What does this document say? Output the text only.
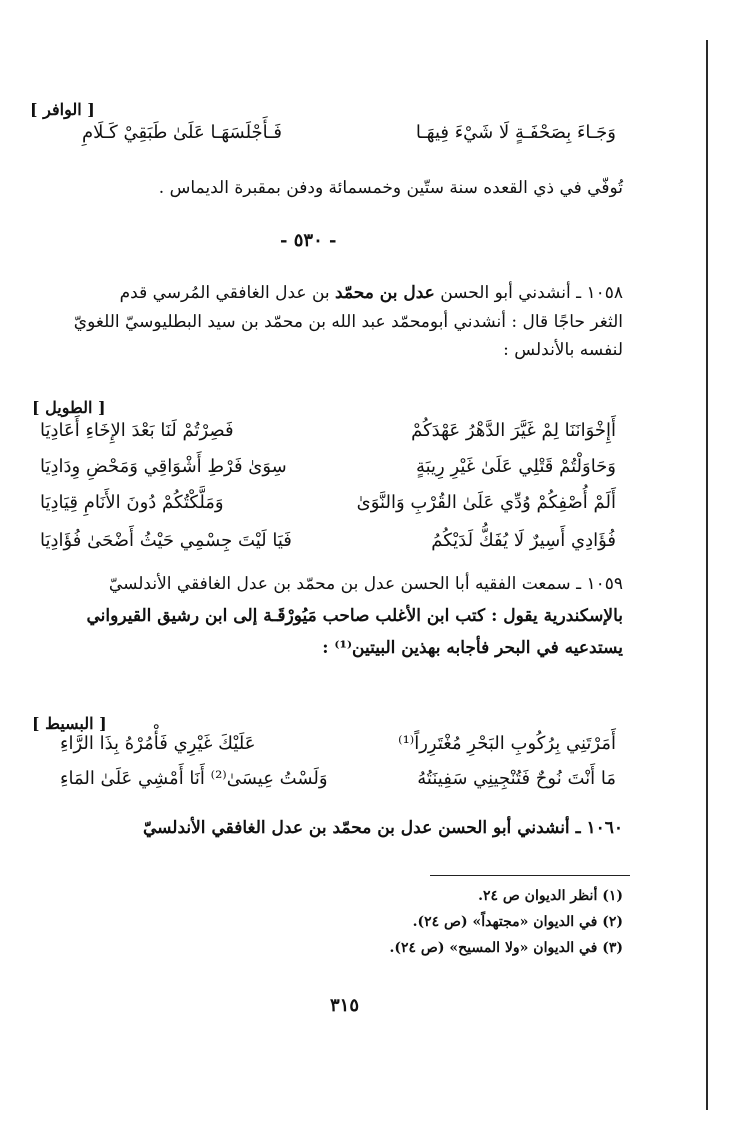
[ الوافر ]
وَجَـاءَ بِصَحْفَـةٍ لَا شَيْءَ فِيهَـا
فَـأَجْلَسَهَـا عَلَىٰ طَبَقِيْ كَـلَامِ
تُوفّي في ذي القعده سنة ستّين وخمسمائة ودفن بمقبرة الديماس .
- ٥٣٠ -
١٠٥٨ ـ أنشدني أبو الحسن عدل بن محمّد بن عدل الغافقي المُرسي قدم
الثغر حاجًا قال : أنشدني أبومحمّد عبد الله بن محمّد بن سيد البطليوسيّ اللغويّ
لنفسه بالأندلس :
[ الطويل ]
أَإِخْوَانَنَا لِمْ غَيَّرَ الدَّهْرُ عَهْدَكُمْ
فَصِرْتُمْ لَنَا بَعْدَ الإِخَاءِ أَعَادِيَا
وَحَاوَلْتُمْ قَتْلِي عَلَىٰ غَيْرِ رِيبَةٍ
سِوَىٰ فَرْطِ أَشْوَاقِي وَمَحْضِ وِدَادِيَا
أَلَمْ أُصْفِكُمْ وُدِّي عَلَىٰ القُرْبِ وَالنَّوَىٰ
وَمَلَّكْتُكُمْ دُونَ الأَنَامِ قِيَادِيَا
فُؤَادِي أَسِيرٌ لَا يُفَكُّ لَدَيْكُمُ
فَيَا لَيْتَ جِسْمِي حَيْثُ أَضْحَىٰ فُؤَادِيَا
١٠٥٩ ـ سمعت الفقيه أبا الحسن عدل بن محمّد بن عدل الغافقي الأندلسيّ
بالإسكندرية يقول : كتب ابن الأغلب صاحب مَيُورْقَـة إلى ابن رشيق القيرواني
يستدعيه في البحر فأجابه بهذين البيتين⁽¹⁾ :
[ البسيط ]
أَمَرْتَنِي بِرُكُوبِ البَحْرِ مُغْتَرِراً⁽¹⁾
عَلَيْكَ غَيْرِي فَأْمُرْهُ بِذَا الرَّاءِ
مَا أَنْتَ نُوحٌ فَتُنْجِينِي سَفِينَتُهُ
وَلَسْتُ عِيسَىٰ⁽²⁾ أَنَا أَمْشِي عَلَىٰ المَاءِ
١٠٦٠ ـ أنشدني أبو الحسن عدل بن محمّد بن عدل الغافقي الأندلسيّ
(١) أنظر الديوان ص ٢٤.
(٢) في الديوان «مجتهداً» (ص ٢٤).
(٣) في الديوان «ولا المسيح» (ص ٢٤).
٣١٥
